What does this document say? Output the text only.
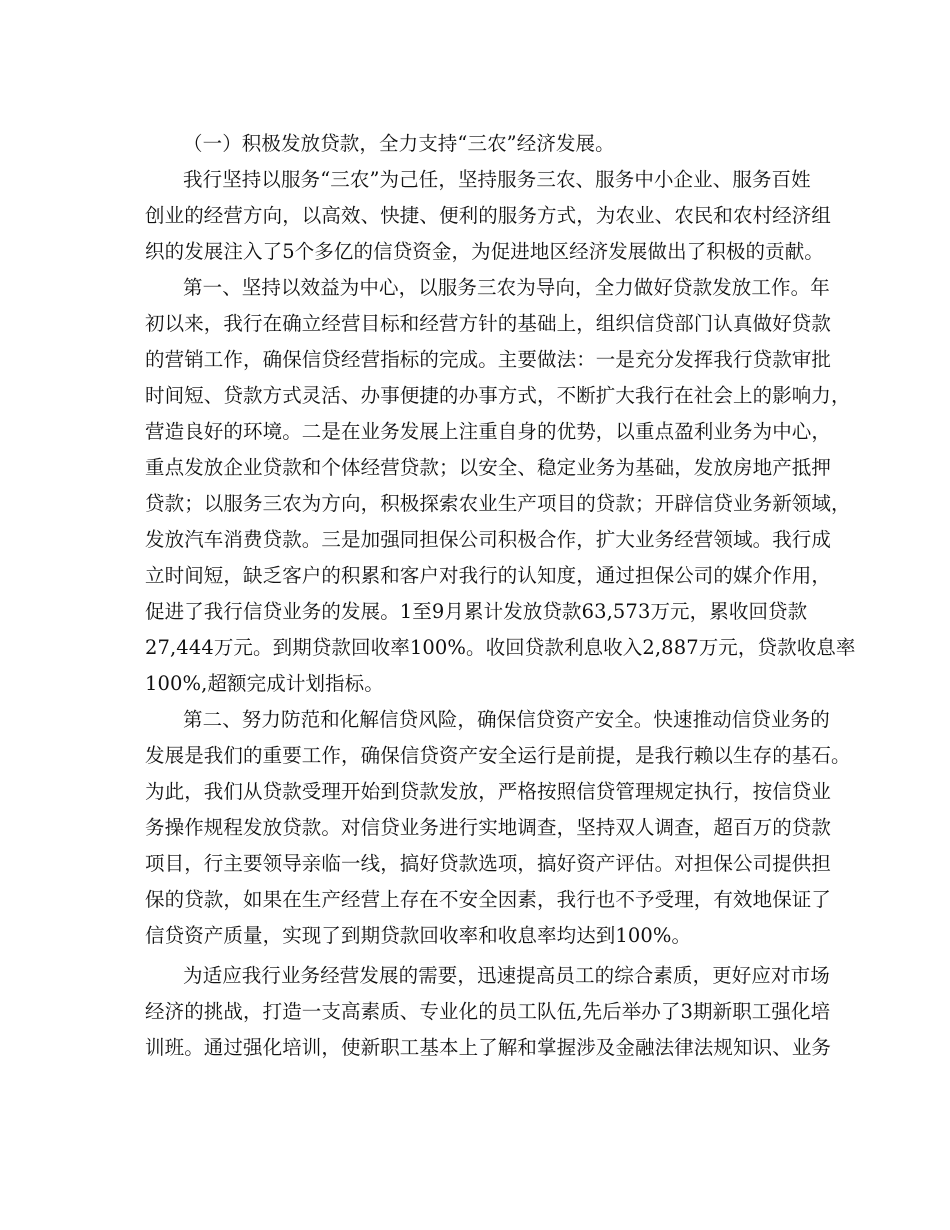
（一）积极发放贷款，全力支持“三农”经济发展。
我行坚持以服务“三农”为己任，坚持服务三农、服务中小企业、服务百姓
创业的经营方向，以高效、快捷、便利的服务方式，为农业、农民和农村经济组
织的发展注入了5个多亿的信贷资金，为促进地区经济发展做出了积极的贡献。
第一、坚持以效益为中心，以服务三农为导向，全力做好贷款发放工作。年
初以来，我行在确立经营目标和经营方针的基础上，组织信贷部门认真做好贷款
的营销工作，确保信贷经营指标的完成。主要做法：一是充分发挥我行贷款审批
时间短、贷款方式灵活、办事便捷的办事方式，不断扩大我行在社会上的影响力，
营造良好的环境。二是在业务发展上注重自身的优势，以重点盈利业务为中心，
重点发放企业贷款和个体经营贷款；以安全、稳定业务为基础，发放房地产抵押
贷款；以服务三农为方向，积极探索农业生产项目的贷款；开辟信贷业务新领域，
发放汽车消费贷款。三是加强同担保公司积极合作，扩大业务经营领域。我行成
立时间短，缺乏客户的积累和客户对我行的认知度，通过担保公司的媒介作用，
促进了我行信贷业务的发展。1至9月累计发放贷款63,573万元，累收回贷款
27,444万元。到期贷款回收率100%。收回贷款利息收入2,887万元，贷款收息率
100%,超额完成计划指标。
第二、努力防范和化解信贷风险，确保信贷资产安全。快速推动信贷业务的
发展是我们的重要工作，确保信贷资产安全运行是前提，是我行赖以生存的基石。
为此，我们从贷款受理开始到贷款发放，严格按照信贷管理规定执行，按信贷业
务操作规程发放贷款。对信贷业务进行实地调查，坚持双人调查，超百万的贷款
项目，行主要领导亲临一线，搞好贷款选项，搞好资产评估。对担保公司提供担
保的贷款，如果在生产经营上存在不安全因素，我行也不予受理，有效地保证了
信贷资产质量，实现了到期贷款回收率和收息率均达到100%。
为适应我行业务经营发展的需要，迅速提高员工的综合素质，更好应对市场
经济的挑战，打造一支高素质、专业化的员工队伍,先后举办了3期新职工强化培
训班。通过强化培训，使新职工基本上了解和掌握涉及金融法律法规知识、业务
